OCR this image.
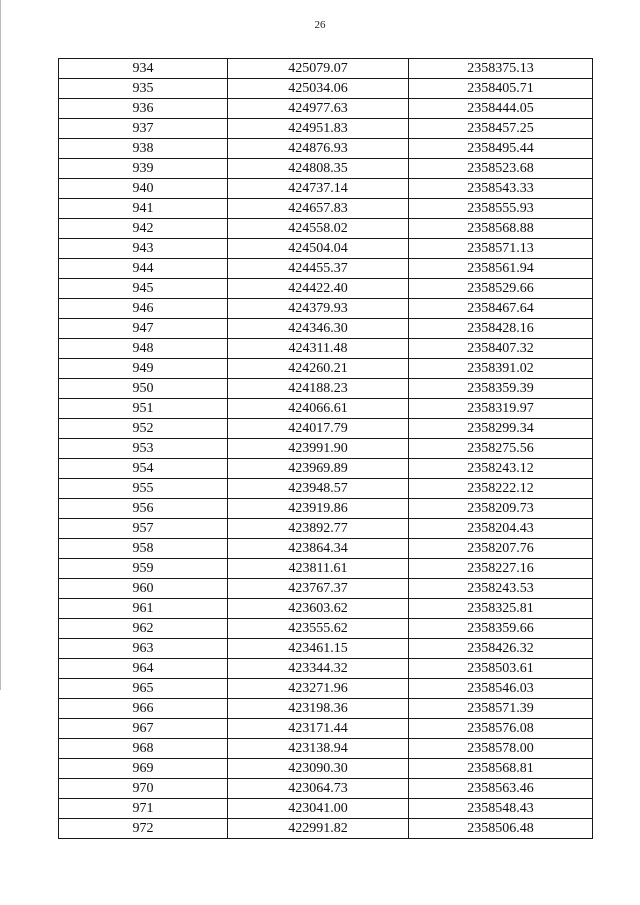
26
934	425079.07	2358375.13
935	425034.06	2358405.71
936	424977.63	2358444.05
937	424951.83	2358457.25
938	424876.93	2358495.44
939	424808.35	2358523.68
940	424737.14	2358543.33
941	424657.83	2358555.93
942	424558.02	2358568.88
943	424504.04	2358571.13
944	424455.37	2358561.94
945	424422.40	2358529.66
946	424379.93	2358467.64
947	424346.30	2358428.16
948	424311.48	2358407.32
949	424260.21	2358391.02
950	424188.23	2358359.39
951	424066.61	2358319.97
952	424017.79	2358299.34
953	423991.90	2358275.56
954	423969.89	2358243.12
955	423948.57	2358222.12
956	423919.86	2358209.73
957	423892.77	2358204.43
958	423864.34	2358207.76
959	423811.61	2358227.16
960	423767.37	2358243.53
961	423603.62	2358325.81
962	423555.62	2358359.66
963	423461.15	2358426.32
964	423344.32	2358503.61
965	423271.96	2358546.03
966	423198.36	2358571.39
967	423171.44	2358576.08
968	423138.94	2358578.00
969	423090.30	2358568.81
970	423064.73	2358563.46
971	423041.00	2358548.43
972	422991.82	2358506.48
